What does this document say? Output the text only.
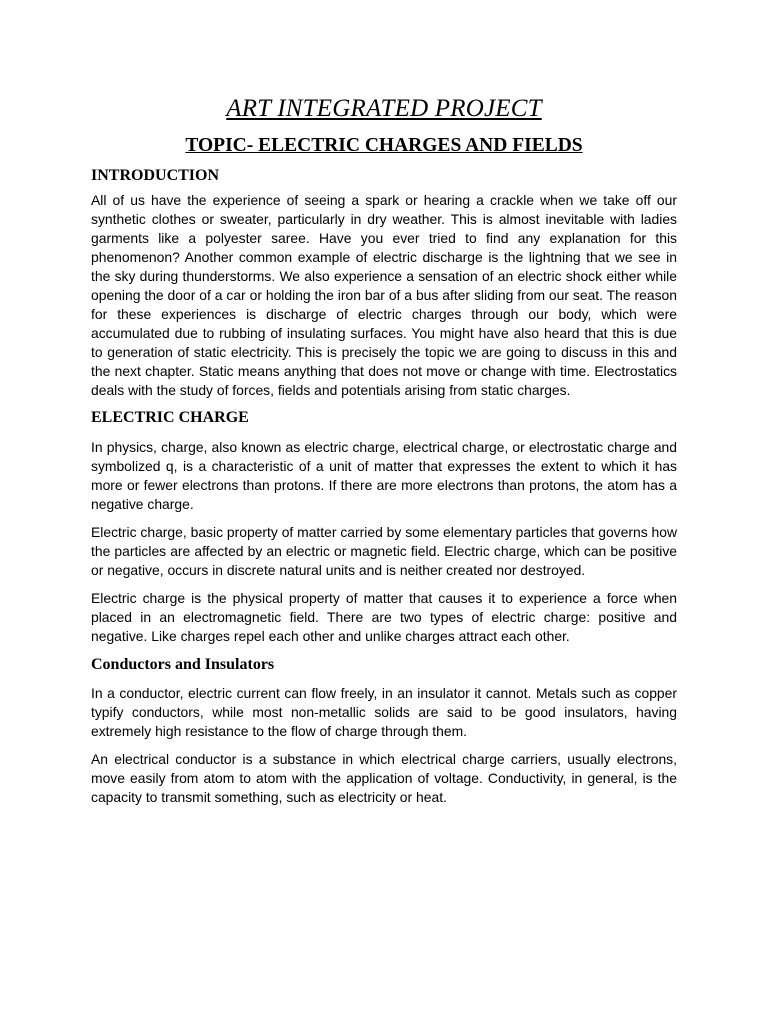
ART INTEGRATED PROJECT
TOPIC- ELECTRIC CHARGES AND FIELDS
INTRODUCTION

All of us have the experience of seeing a spark or hearing a crackle when we take off our synthetic clothes or sweater, particularly in dry weather. This is almost inevitable with ladies garments like a polyester saree. Have you ever tried to find any explanation for this phenomenon? Another common example of electric discharge is the lightning that we see in the sky during thunderstorms. We also experience a sensation of an electric shock either while opening the door of a car or holding the iron bar of a bus after sliding from our seat. The reason for these experiences is discharge of electric charges through our body, which were accumulated due to rubbing of insulating surfaces. You might have also heard that this is due to generation of static electricity. This is precisely the topic we are going to discuss in this and the next chapter. Static means anything that does not move or change with time. Electrostatics deals with the study of forces, fields and potentials arising from static charges.

ELECTRIC CHARGE

In physics, charge, also known as electric charge, electrical charge, or electrostatic charge and symbolized q, is a characteristic of a unit of matter that expresses the extent to which it has more or fewer electrons than protons. If there are more electrons than protons, the atom has a negative charge.

Electric charge, basic property of matter carried by some elementary particles that governs how the particles are affected by an electric or magnetic field. Electric charge, which can be positive or negative, occurs in discrete natural units and is neither created nor destroyed.

Electric charge is the physical property of matter that causes it to experience a force when placed in an electromagnetic field. There are two types of electric charge: positive and negative. Like charges repel each other and unlike charges attract each other.

Conductors and Insulators

In a conductor, electric current can flow freely, in an insulator it cannot. Metals such as copper typify conductors, while most non-metallic solids are said to be good insulators, having extremely high resistance to the flow of charge through them.

An electrical conductor is a substance in which electrical charge carriers, usually electrons, move easily from atom to atom with the application of voltage. Conductivity, in general, is the capacity to transmit something, such as electricity or heat.
